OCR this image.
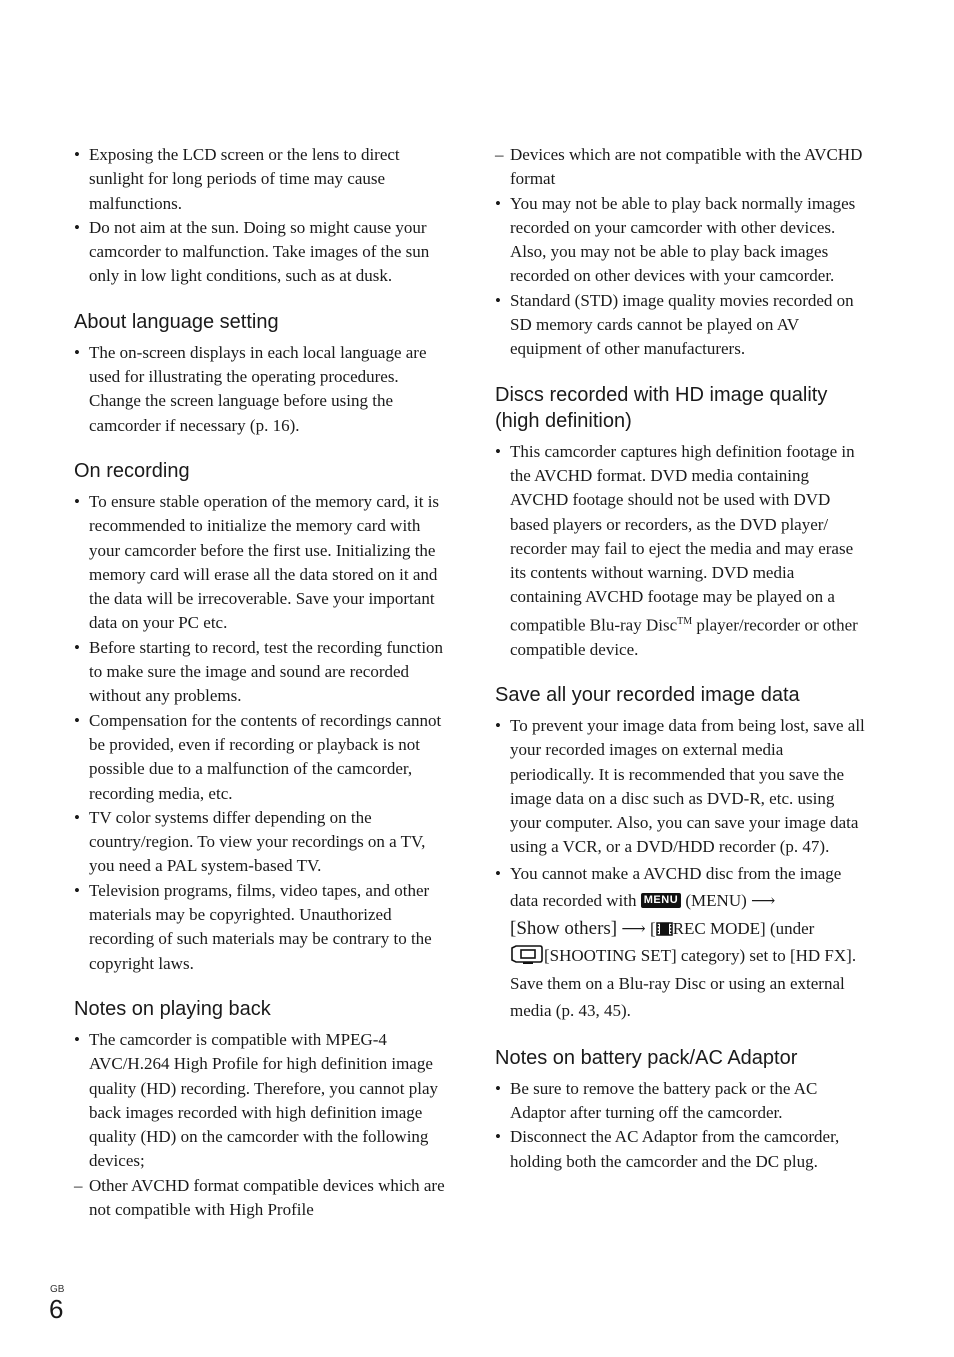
• Exposing the LCD screen or the lens to direct sunlight for long periods of time may cause malfunctions.
• Do not aim at the sun. Doing so might cause your camcorder to malfunction. Take images of the sun only in low light conditions, such as at dusk.
About language setting
• The on-screen displays in each local language are used for illustrating the operating procedures. Change the screen language before using the camcorder if necessary (p. 16).
On recording
• To ensure stable operation of the memory card, it is recommended to initialize the memory card with your camcorder before the first use. Initializing the memory card will erase all the data stored on it and the data will be irrecoverable. Save your important data on your PC etc.
• Before starting to record, test the recording function to make sure the image and sound are recorded without any problems.
• Compensation for the contents of recordings cannot be provided, even if recording or playback is not possible due to a malfunction of the camcorder, recording media, etc.
• TV color systems differ depending on the country/region. To view your recordings on a TV, you need a PAL system-based TV.
• Television programs, films, video tapes, and other materials may be copyrighted. Unauthorized recording of such materials may be contrary to the copyright laws.
Notes on playing back
• The camcorder is compatible with MPEG-4 AVC/H.264 High Profile for high definition image quality (HD) recording. Therefore, you cannot play back images recorded with high definition image quality (HD) on the camcorder with the following devices;
– Other AVCHD format compatible devices which are not compatible with High Profile
– Devices which are not compatible with the AVCHD format
• You may not be able to play back normally images recorded on your camcorder with other devices. Also, you may not be able to play back images recorded on other devices with your camcorder.
• Standard (STD) image quality movies recorded on SD memory cards cannot be played on AV equipment of other manufacturers.
Discs recorded with HD image quality (high definition)
• This camcorder captures high definition footage in the AVCHD format. DVD media containing AVCHD footage should not be used with DVD based players or recorders, as the DVD player/ recorder may fail to eject the media and may erase its contents without warning. DVD media containing AVCHD footage may be played on a compatible Blu-ray Disc™ player/recorder or other compatible device.
Save all your recorded image data
• To prevent your image data from being lost, save all your recorded images on external media periodically. It is recommended that you save the image data on a disc such as DVD-R, etc. using your computer. Also, you can save your image data using a VCR, or a DVD/HDD recorder (p. 47).
• You cannot make a AVCHD disc from the image data recorded with MENU (MENU) ⟶
[Show others] ⟶ [ REC MODE] (under
[SHOOTING SET] category) set to [HD FX]. Save them on a Blu-ray Disc or using an external media (p. 43, 45).
Notes on battery pack/AC Adaptor
• Be sure to remove the battery pack or the AC Adaptor after turning off the camcorder.
• Disconnect the AC Adaptor from the camcorder, holding both the camcorder and the DC plug.
GB
6
